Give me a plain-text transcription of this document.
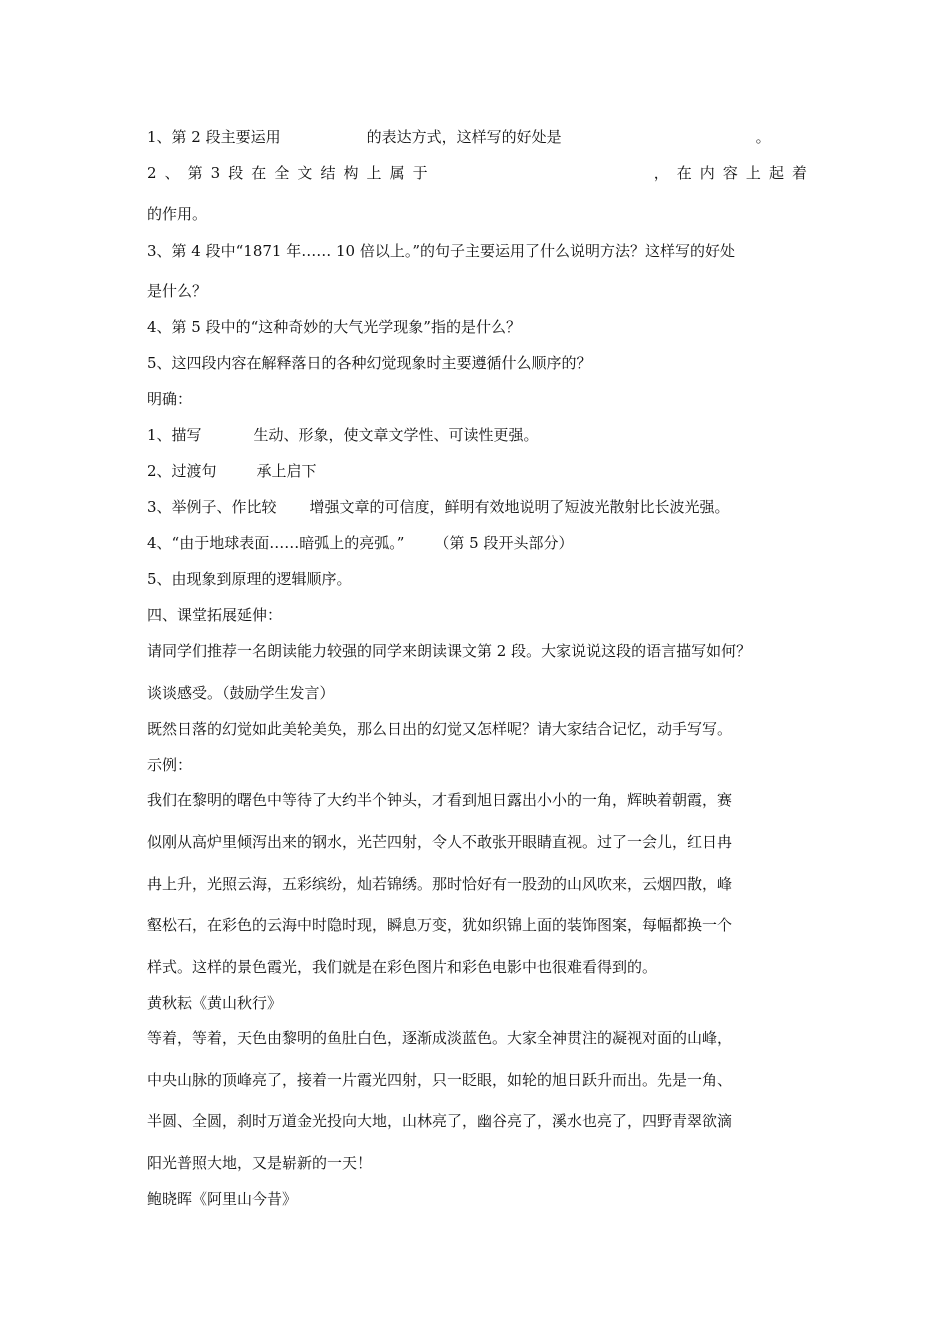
1、第 2 段主要运用	的表达方式，这样写的好处是	。

2 、 第 3 段 在 全 文 结 构 上 属 于	， 在 内 容 上 起 着

的作用。

3、第 4 段中“1871 年…… 10 倍以上。”的句子主要运用了什么说明方法？这样写的好处

是什么？

4、第 5 段中的“这种奇妙的大气光学现象”指的是什么？

5、这四段内容在解释落日的各种幻觉现象时主要遵循什么顺序的？

明确：

1、描写	生动、形象，使文章文学性、可读性更强。

2、过渡句	承上启下

3、举例子、作比较 增强文章的可信度，鲜明有效地说明了短波光散射比长波光强。

4、“由于地球表面……暗弧上的亮弧。” （第 5 段开头部分）

5、由现象到原理的逻辑顺序。

四、课堂拓展延伸：

请同学们推荐一名朗读能力较强的同学来朗读课文第 2 段。大家说说这段的语言描写如何？

谈谈感受。（鼓励学生发言）

既然日落的幻觉如此美轮美奂，那么日出的幻觉又怎样呢？请大家结合记忆，动手写写。

示例：

我们在黎明的曙色中等待了大约半个钟头，才看到旭日露出小小的一角，辉映着朝霞，赛

似刚从高炉里倾泻出来的钢水，光芒四射，令人不敢张开眼睛直视。过了一会儿，红日冉

冉上升，光照云海，五彩缤纷，灿若锦绣。那时恰好有一股劲的山风吹来，云烟四散，峰

壑松石，在彩色的云海中时隐时现，瞬息万变，犹如织锦上面的装饰图案，每幅都换一个

样式。这样的景色霞光，我们就是在彩色图片和彩色电影中也很难看得到的。

黄秋耘《黄山秋行》

等着，等着，天色由黎明的鱼肚白色，逐渐成淡蓝色。大家全神贯注的凝视对面的山峰，

中央山脉的顶峰亮了，接着一片霞光四射，只一眨眼，如轮的旭日跃升而出。先是一角、

半圆、全圆，刹时万道金光投向大地，山林亮了，幽谷亮了，溪水也亮了，四野青翠欲滴

阳光普照大地，又是崭新的一天！

鲍晓晖《阿里山今昔》
